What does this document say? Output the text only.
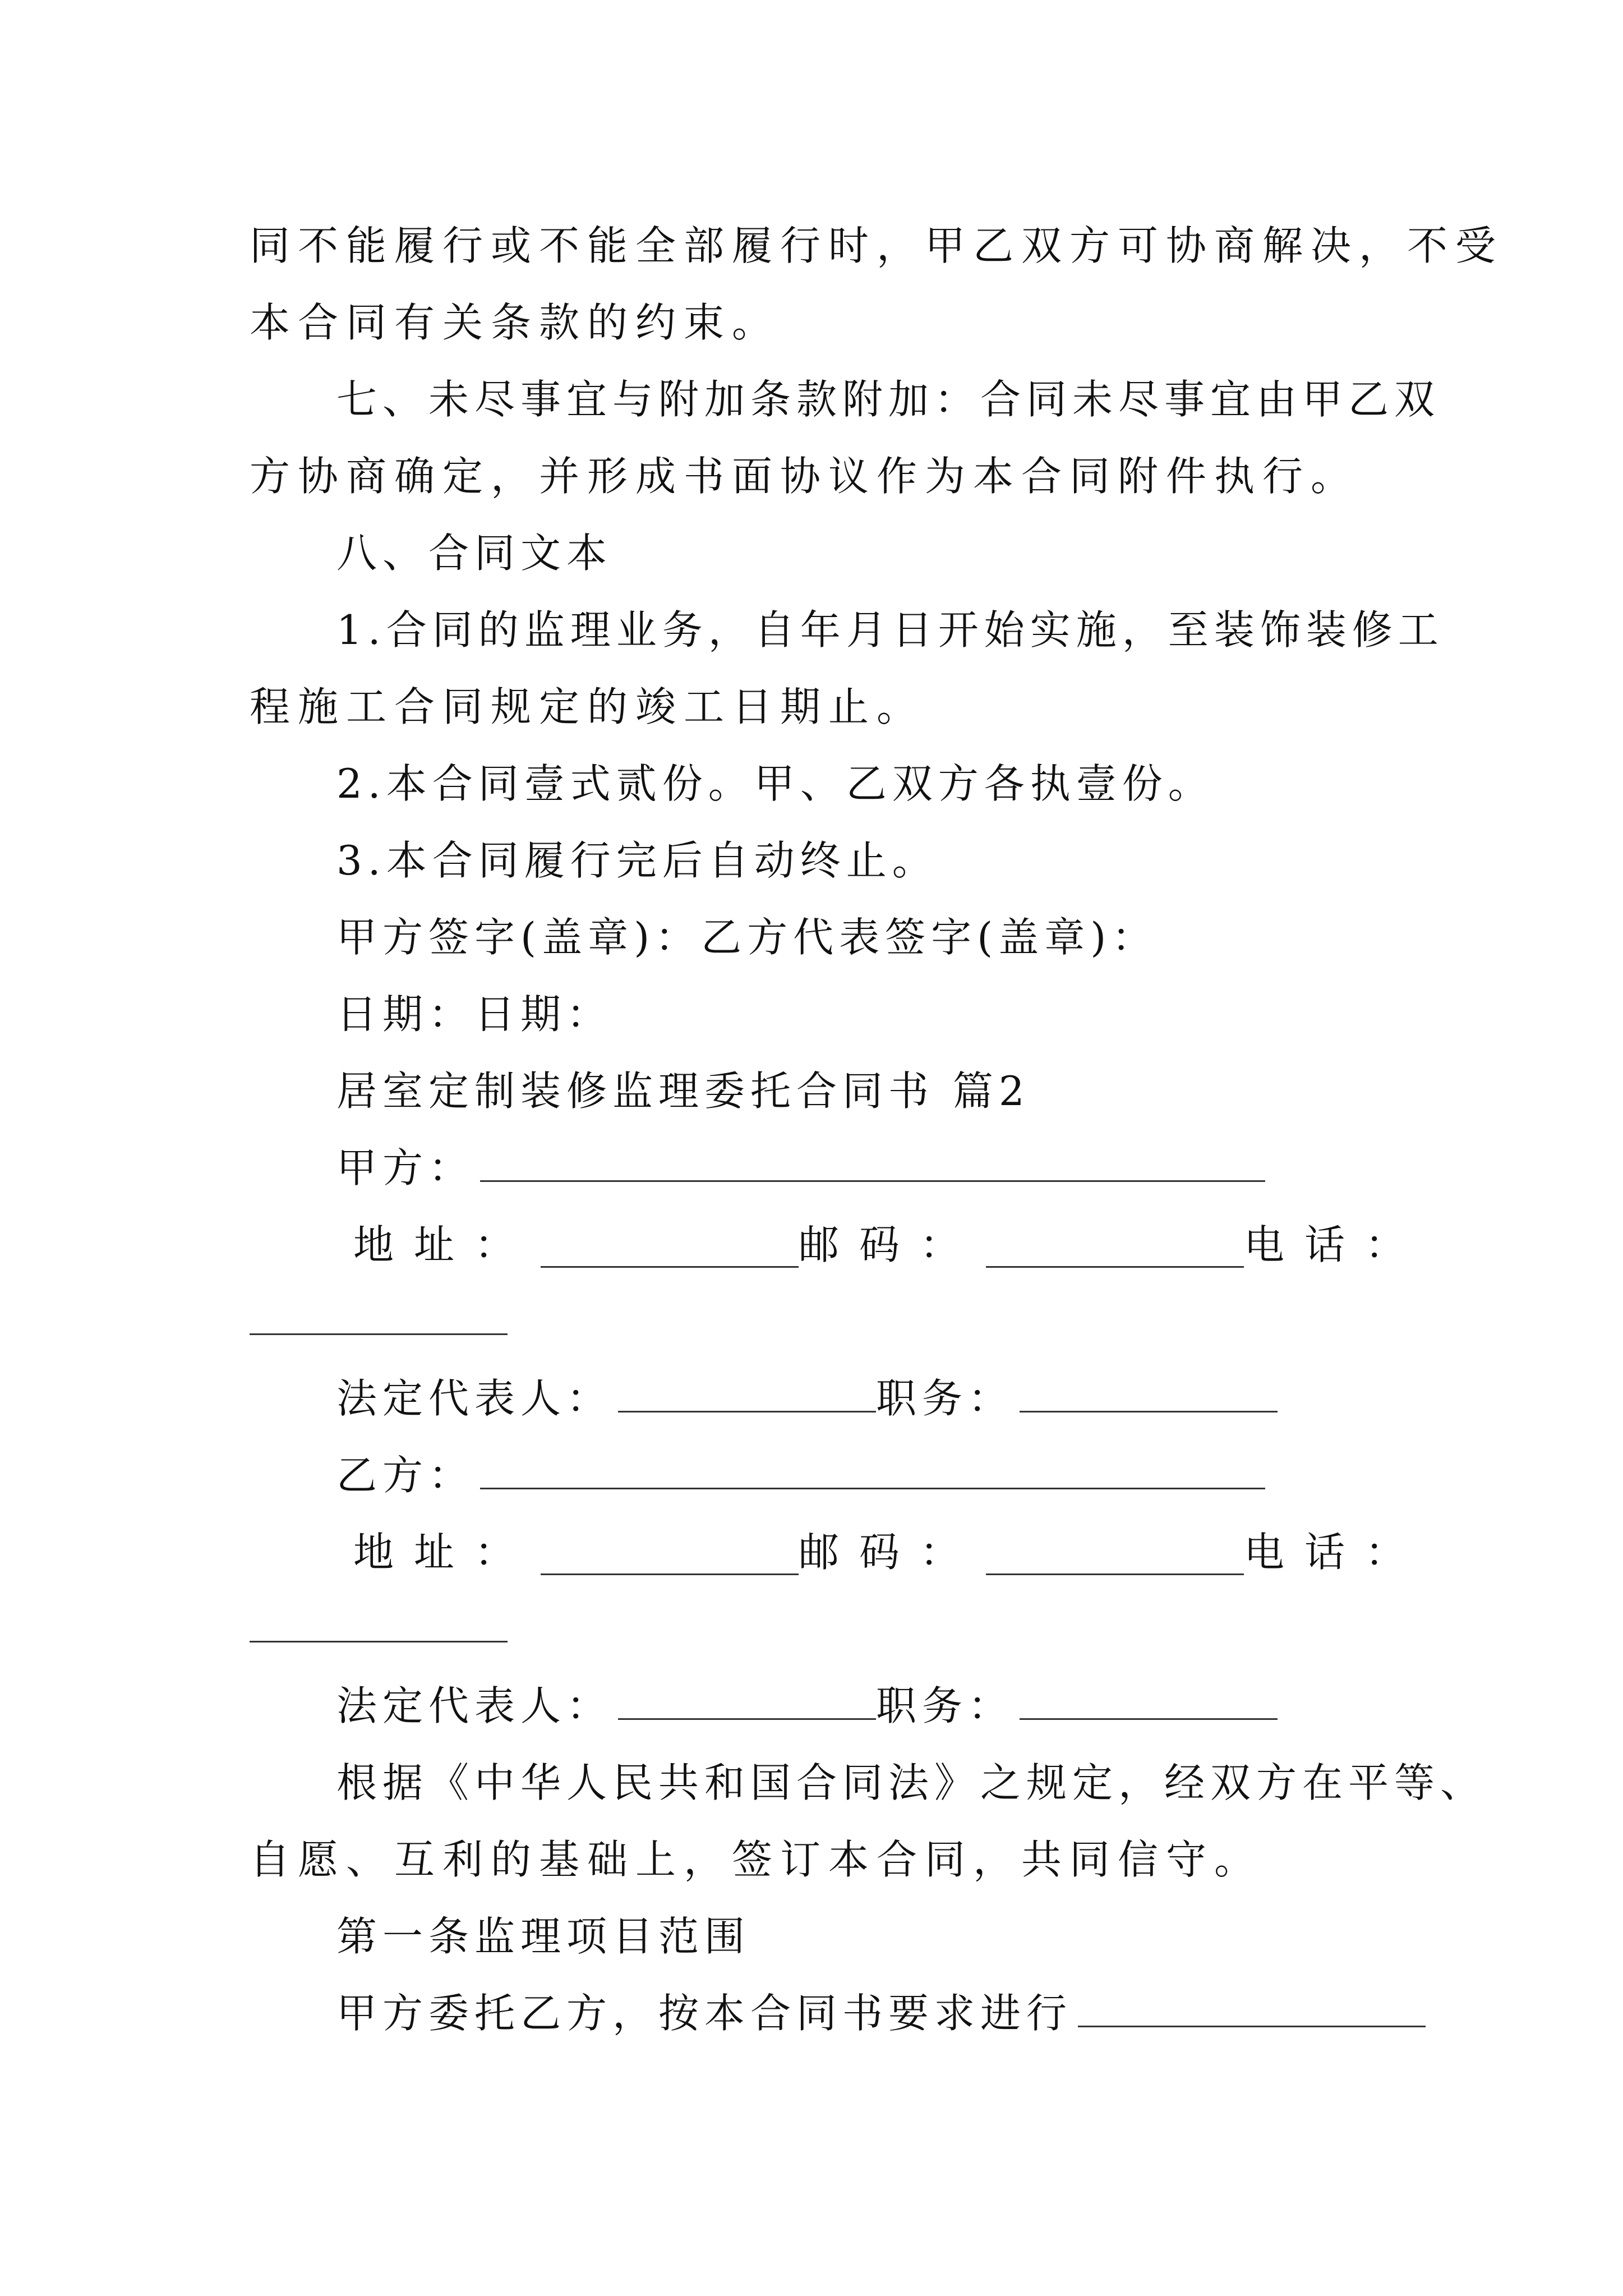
同不能履行或不能全部履行时，甲乙双方可协商解决，不受
本合同有关条款的约束。
七、未尽事宜与附加条款附加：合同未尽事宜由甲乙双
方协商确定，并形成书面协议作为本合同附件执行。
八、合同文本
1.合同的监理业务，自年月日开始实施，至装饰装修工
程施工合同规定的竣工日期止。
2.本合同壹式贰份。甲、乙双方各执壹份。
3.本合同履行完后自动终止。
甲方签字(盖章)：乙方代表签字(盖章)：
日期：日期：
居室定制装修监理委托合同书 篇2
甲方：
地址：	邮码：	电话：
法定代表人：	职务：
乙方：
地址：	邮码：	电话：
法定代表人：	职务：
根据《中华人民共和国合同法》之规定，经双方在平等、
自愿、互利的基础上，签订本合同，共同信守。
第一条监理项目范围
甲方委托乙方，按本合同书要求进行
